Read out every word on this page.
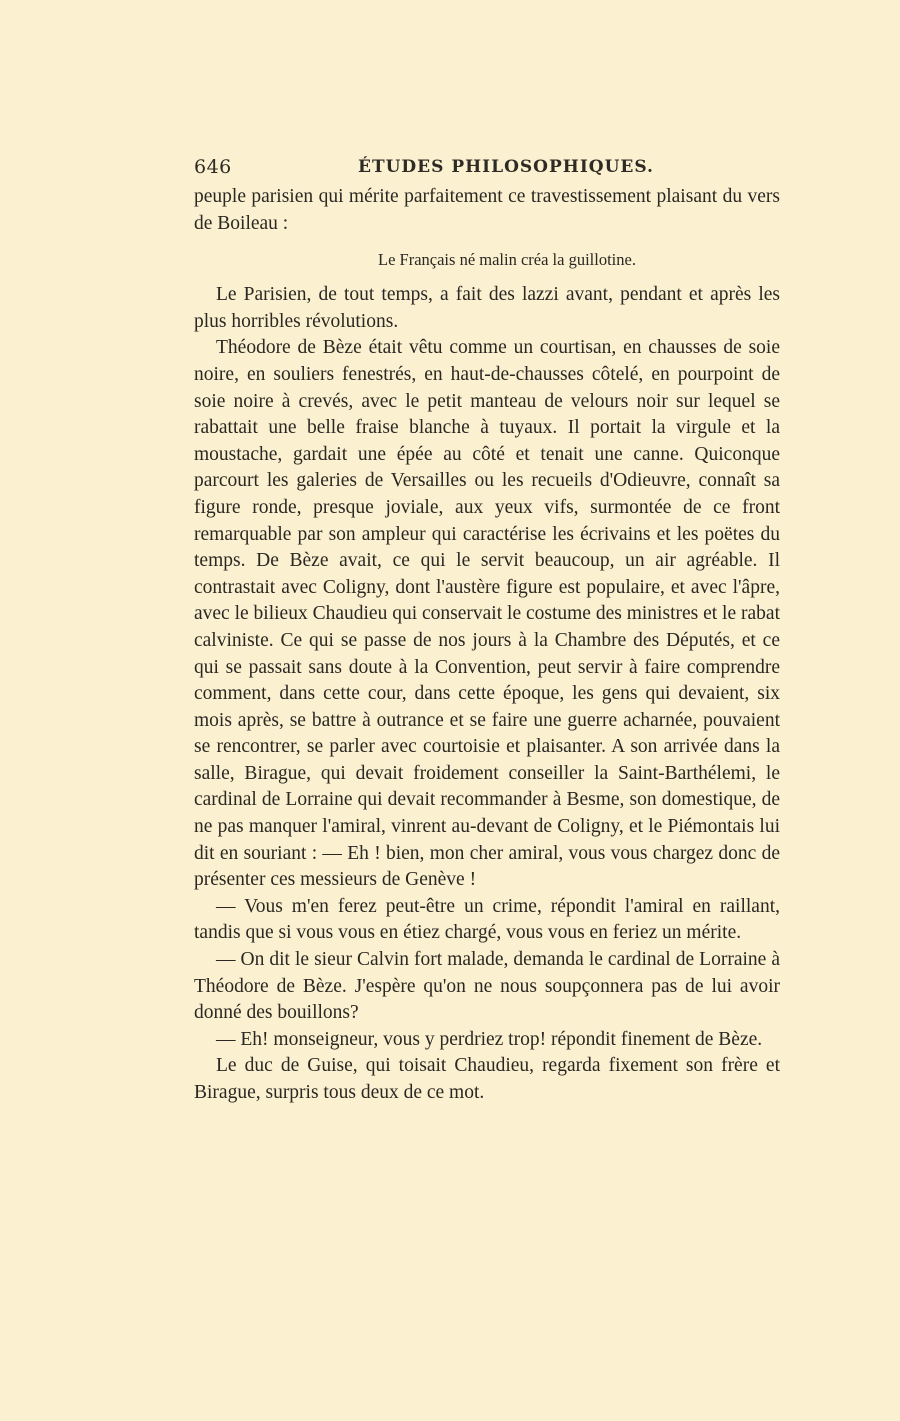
646	ÉTUDES PHILOSOPHIQUES.

peuple parisien qui mérite parfaitement ce travestissement plaisant du vers de Boileau :

Le Français né malin créa la guillotine.

Le Parisien, de tout temps, a fait des lazzi avant, pendant et après les plus horribles révolutions.

Théodore de Bèze était vêtu comme un courtisan, en chausses de soie noire, en souliers fenestrés, en haut-de-chausses côtelé, en pourpoint de soie noire à crevés, avec le petit manteau de velours noir sur lequel se rabattait une belle fraise blanche à tuyaux. Il portait la virgule et la moustache, gardait une épée au côté et tenait une canne. Quiconque parcourt les galeries de Versailles ou les recueils d'Odieuvre, connaît sa figure ronde, presque joviale, aux yeux vifs, surmontée de ce front remarquable par son ampleur qui caractérise les écrivains et les poëtes du temps. De Bèze avait, ce qui le servit beaucoup, un air agréable. Il contrastait avec Coligny, dont l'austère figure est populaire, et avec l'âpre, avec le bilieux Chaudieu qui conservait le costume des ministres et le rabat calviniste. Ce qui se passe de nos jours à la Chambre des Députés, et ce qui se passait sans doute à la Convention, peut servir à faire comprendre comment, dans cette cour, dans cette époque, les gens qui devaient, six mois après, se battre à outrance et se faire une guerre acharnée, pouvaient se rencontrer, se parler avec courtoisie et plaisanter. A son arrivée dans la salle, Birague, qui devait froidement conseiller la Saint-Barthélemi, le cardinal de Lorraine qui devait recommander à Besme, son domestique, de ne pas manquer l'amiral, vinrent au-devant de Coligny, et le Piémontais lui dit en souriant : — Eh ! bien, mon cher amiral, vous vous chargez donc de présenter ces messieurs de Genève !

— Vous m'en ferez peut-être un crime, répondit l'amiral en raillant, tandis que si vous vous en étiez chargé, vous vous en feriez un mérite.

— On dit le sieur Calvin fort malade, demanda le cardinal de Lorraine à Théodore de Bèze. J'espère qu'on ne nous soupçonnera pas de lui avoir donné des bouillons?

— Eh! monseigneur, vous y perdriez trop! répondit finement de Bèze.

Le duc de Guise, qui toisait Chaudieu, regarda fixement son frère et Birague, surpris tous deux de ce mot.
